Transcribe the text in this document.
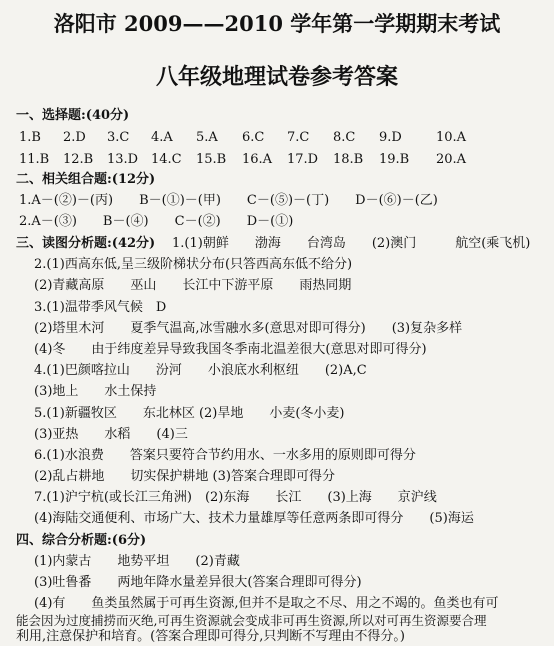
洛阳市 2009——2010 学年第一学期期末考试
八年级地理试卷参考答案
一、选择题:(40分)
1.B	2.D	3.C	4.A	5.A	6.C	7.C	8.C	9.D	10.A
11.B	12.B	13.D 14.C	15.B	16.A	17.D	18.B	19.B	20.A
二、相关组合题:(12分)
1.A－(②)－(丙)　　B－(①)－(甲)　　C－(⑤)－(丁)　　D－(⑥)－(乙)
2.A－(③)　　B－(④)　　C－(②)　　D－(①)
三、读图分析题:(42分) 1.(1)朝鲜　　渤海　　台湾岛　　(2)澳门　　　航空(乘飞机)
2.(1)西高东低,呈三级阶梯状分布(只答西高东低不给分)
(2)青藏高原　　巫山　　长江中下游平原　　雨热同期
3.(1)温带季风气候　D
(2)塔里木河　　夏季气温高,冰雪融水多(意思对即可得分)　　(3)复杂多样
(4)冬　　由于纬度差异导致我国冬季南北温差很大(意思对即可得分)
4.(1)巴颜喀拉山　　汾河　　小浪底水利枢纽　　(2)A,C
(3)地上　　水土保持
5.(1)新疆牧区　　东北林区 (2)旱地　　小麦(冬小麦)
(3)亚热　　水稻　　(4)三
6.(1)水浪费　　答案只要符合节约用水、一水多用的原则即可得分
(2)乱占耕地　　切实保护耕地 (3)答案合理即可得分
7.(1)沪宁杭(或长江三角洲)　(2)东海　　长江　　(3)上海　　京沪线
(4)海陆交通便利、市场广大、技术力量雄厚等任意两条即可得分　　(5)海运
四、综合分析题:(6分)
(1)内蒙古　　地势平坦　　(2)青藏
(3)吐鲁番　　两地年降水量差异很大(答案合理即可得分)
(4)有　　鱼类虽然属于可再生资源,但并不是取之不尽、用之不竭的。鱼类也有可
能会因为过度捕捞而灭绝,可再生资源就会变成非可再生资源,所以对可再生资源要合理
利用,注意保护和培育。(答案合理即可得分,只判断不写理由不得分。)
